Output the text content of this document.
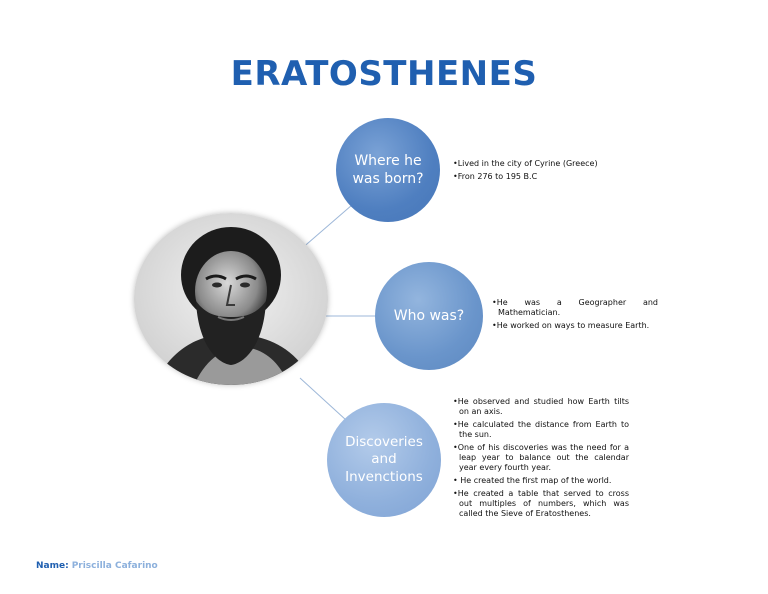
ERATOSTHENES
Where he
was born?
Who was?
Discoveries
and
Invenctions
• Lived in the city of Cyrine (Greece)
• Fron 276 to 195 B.C
• He was a Geographer and Mathematician.
• He worked on ways to measure Earth.
• He observed and studied how Earth tilts on an axis.
• He calculated the distance from Earth to the sun.
• One of his discoveries was the need for a leap year to balance out the calendar year every fourth year.
• He created the first map of the world.
• He created a table that served to cross out multiples of numbers, which was called the Sieve of Eratosthenes.
Name: Priscilla Cafarino
